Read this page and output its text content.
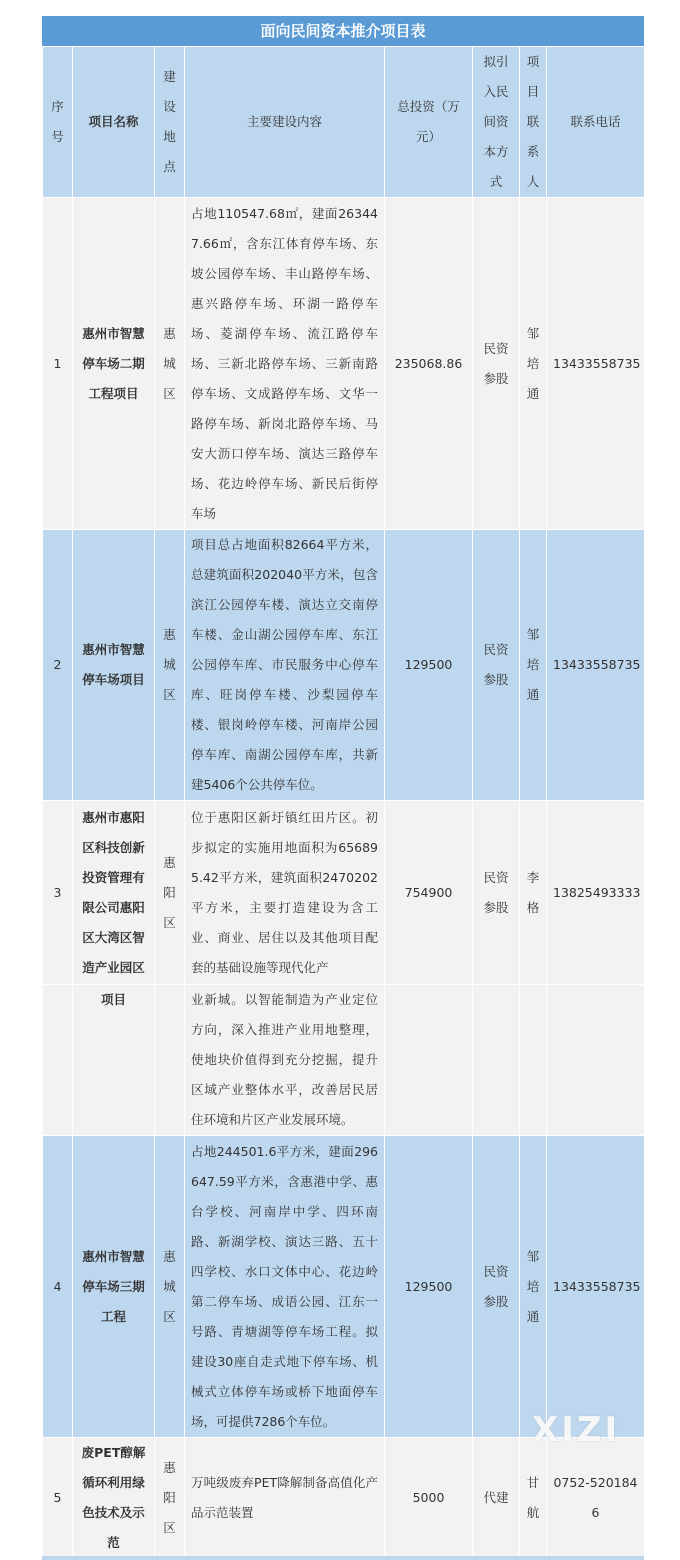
面向民间资本推介项目表
序号	项目名称	建设地点	主要建设内容	总投资（万元）	拟引入民间资本方式	项目联系人	联系电话
1	惠州市智慧停车场二期工程项目	惠城区	占地110547.68㎡，建面263447.66㎡，含东江体育停车场、东坡公园停车场、丰山路停车场、惠兴路停车场、环湖一路停车场、菱湖停车场、流江路停车场、三新北路停车场、三新南路停车场、文成路停车场、文华一路停车场、新岗北路停车场、马安大沥口停车场、演达三路停车场、花边岭停车场、新民后街停车场	235068.86	民资参股	邹培通	13433558735
2	惠州市智慧停车场项目	惠城区	项目总占地面积82664平方米，总建筑面积202040平方米，包含滨江公园停车楼、演达立交南停车楼、金山湖公园停车库、东江公园停车库、市民服务中心停车库、旺岗停车楼、沙梨园停车楼、银岗岭停车楼、河南岸公园停车库、南湖公园停车库，共新建5406个公共停车位。	129500	民资参股	邹培通	13433558735
3	惠州市惠阳区科技创新投资管理有限公司惠阳区大湾区智造产业园区	惠阳区	位于惠阳区新圩镇红田片区。初步拟定的实施用地面积为656895.42平方米，建筑面积2470202平方米，主要打造建设为含工业、商业、居住以及其他项目配套的基础设施等现代化产	754900	民资参股	李格	13825493333
	项目		业新城。以智能制造为产业定位方向，深入推进产业用地整理，使地块价值得到充分挖掘，提升区域产业整体水平，改善居民居住环境和片区产业发展环境。				
4	惠州市智慧停车场三期工程	惠城区	占地244501.6平方米，建面296647.59平方米，含惠港中学、惠台学校、河南岸中学、四环南路、新湖学校、演达三路、五十四学校、水口文体中心、花边岭第二停车场、成语公园、江东一号路、青塘湖等停车场工程。拟建设30座自走式地下停车场、机械式立体停车场或桥下地面停车场，可提供7286个车位。	129500	民资参股	邹培通	13433558735
5	废PET醇解循环利用绿色技术及示范	惠阳区	万吨级废弃PET降解制备高值化产品示范装置	5000	代建	甘航	0752-5201846
XIZI
